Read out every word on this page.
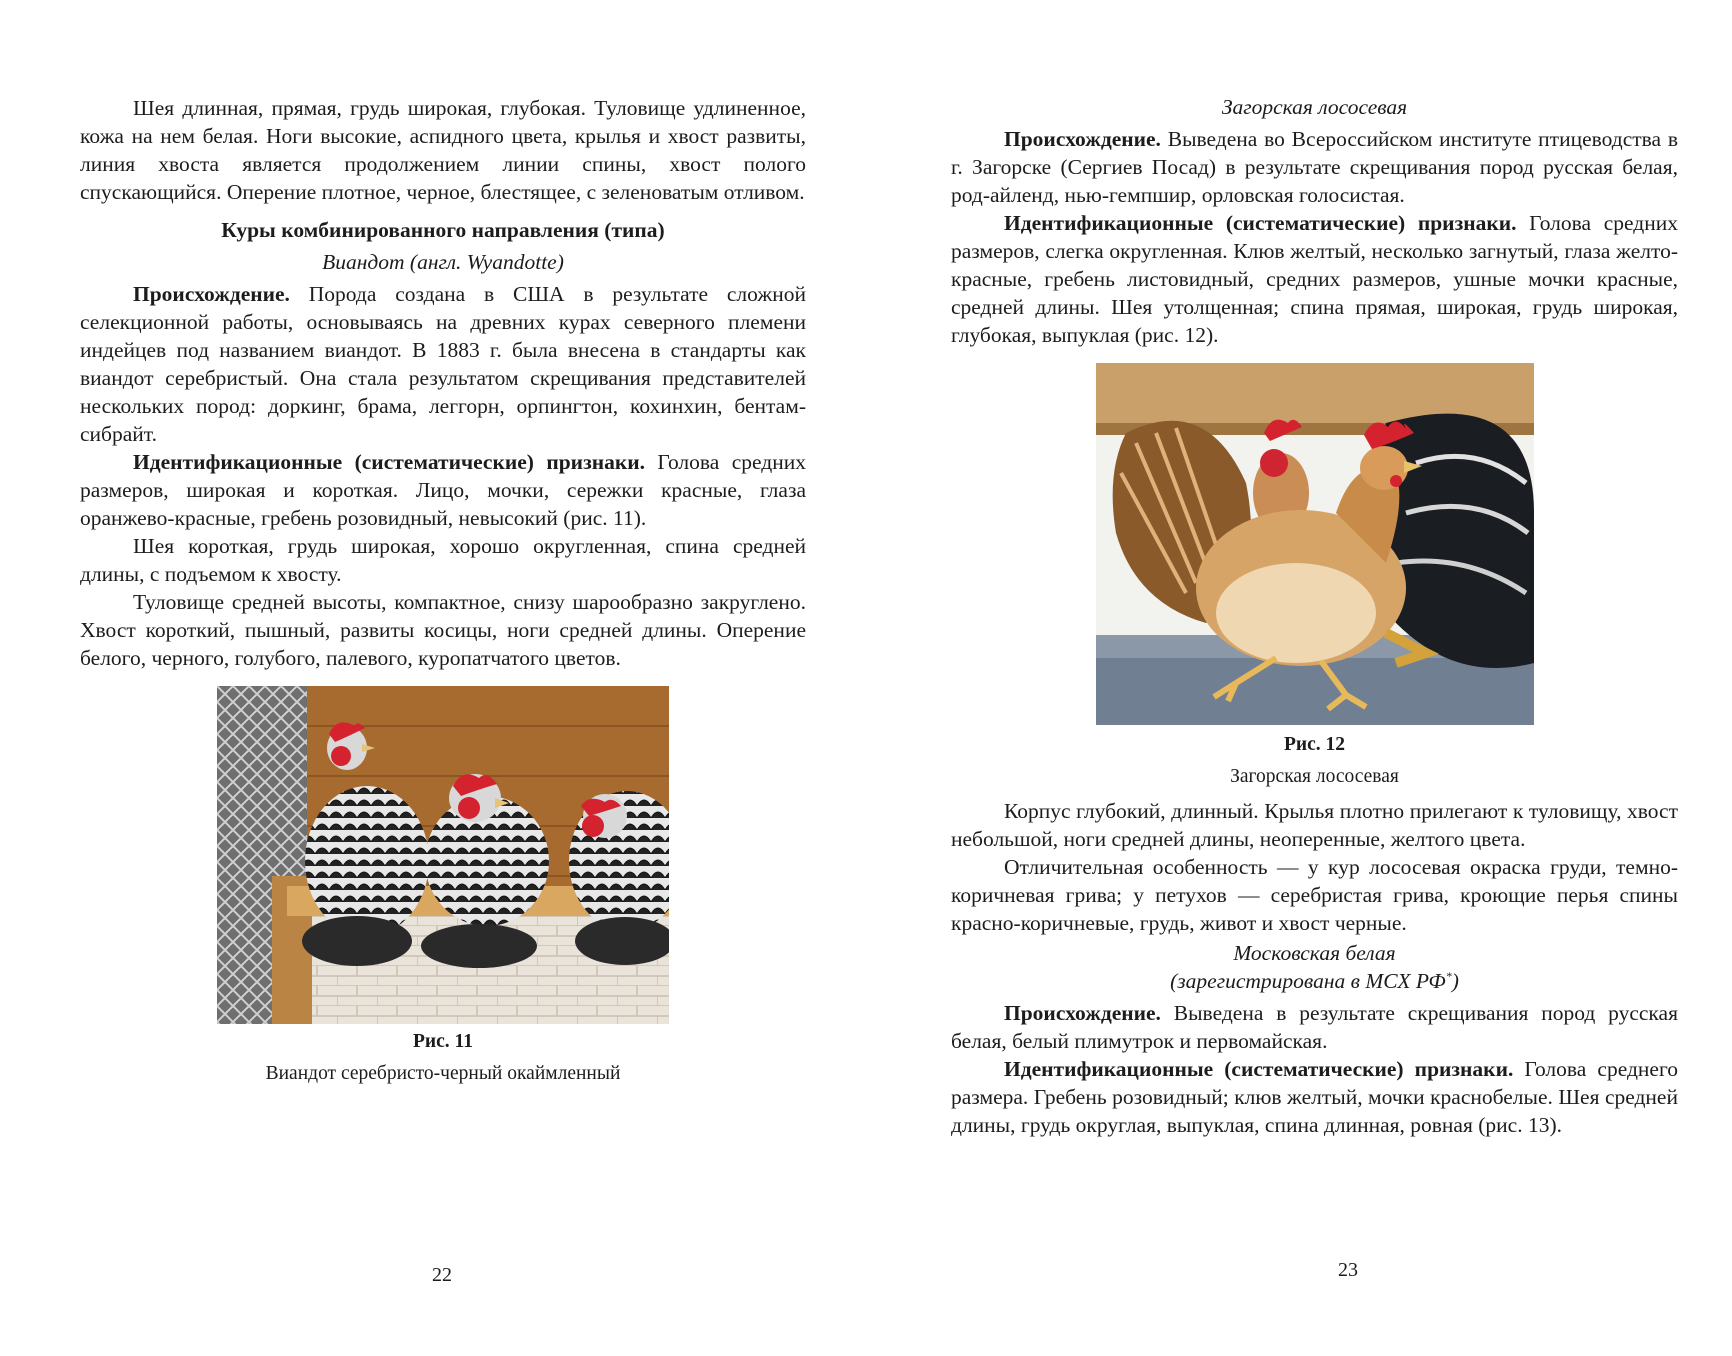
Шея длинная, прямая, грудь широкая, глубокая. Туловище удлиненное, кожа на нем белая. Ноги высокие, аспидного цвета, крылья и хвост развиты, линия хвоста является продолжением линии спины, хвост полого спускающийся. Оперение плотное, черное, блестящее, с зеленоватым отливом.

Куры комбинированного направления (типа)
Виандот (англ. Wyandotte)

Происхождение. Порода создана в США в результате сложной селекционной работы, основываясь на древних курах северного племени индейцев под названием виандот. В 1883 г. была внесена в стандарты как виандот серебристый. Она стала результатом скрещивания представителей нескольких пород: доркинг, брама, леггорн, орпингтон, кохинхин, бентам-сибрайт.

Идентификационные (систематические) признаки. Голова средних размеров, широкая и короткая. Лицо, мочки, сережки красные, глаза оранжево-красные, гребень розовидный, невысокий (рис. 11).

Шея короткая, грудь широкая, хорошо округленная, спина средней длины, с подъемом к хвосту.

Туловище средней высоты, компактное, снизу шарообразно закруглено. Хвост короткий, пышный, развиты косицы, ноги средней длины. Оперение белого, черного, голубого, палевого, куропатчатого цветов.

Рис. 11
Виандот серебристо-черный окаймленный
22
Загорская лососевая

Происхождение. Выведена во Всероссийском институте птицеводства в г. Загорске (Сергиев Посад) в результате скрещивания пород русская белая, род-айленд, нью-гемпшир, орловская голосистая.

Идентификационные (систематические) признаки. Голова средних размеров, слегка округленная. Клюв желтый, несколько загнутый, глаза желто-красные, гребень листовидный, средних размеров, ушные мочки красные, средней длины. Шея утолщенная; спина прямая, широкая, грудь широкая, глубокая, выпуклая (рис. 12).

Рис. 12
Загорская лососевая

Корпус глубокий, длинный. Крылья плотно прилегают к туловищу, хвост небольшой, ноги средней длины, неоперенные, желтого цвета.

Отличительная особенность — у кур лососевая окраска груди, темно-коричневая грива; у петухов — серебристая грива, кроющие перья спины красно-коричневые, грудь, живот и хвост черные.

Московская белая
(зарегистрирована в МСХ РФ*)

Происхождение. Выведена в результате скрещивания пород русская белая, белый плимутрок и первомайская.

Идентификационные (систематические) признаки. Голова среднего размера. Гребень розовидный; клюв желтый, мочки краснобелые. Шея средней длины, грудь округлая, выпуклая, спина длинная, ровная (рис. 13).

23
